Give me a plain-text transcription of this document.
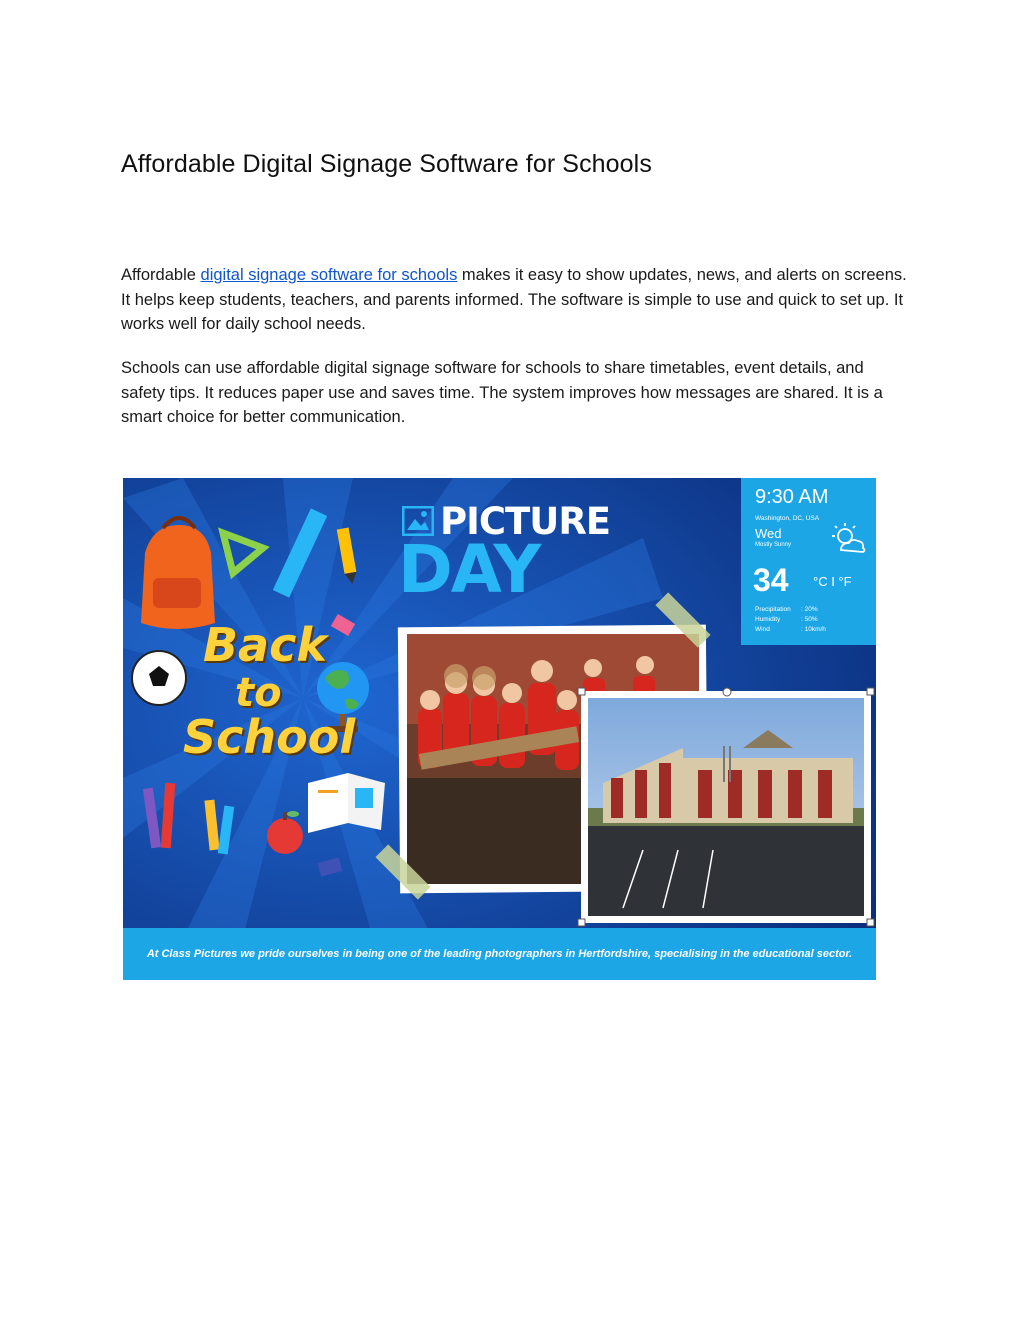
Affordable Digital Signage Software for Schools

Affordable digital signage software for schools makes it easy to show updates, news, and alerts on screens. It helps keep students, teachers, and parents informed. The software is simple to use and quick to set up. It works well for daily school needs.

Schools can use affordable digital signage software for schools to share timetables, event details, and safety tips. It reduces paper use and saves time. The system improves how messages are shared. It is a smart choice for better communication.

Back
to
School
PICTURE
DAY
9:30 AM
Washington, DC, USA
Wed
Mostly Sunny
34 °C I °F
Precipitation : 20%
Humidity	: 50%
Wind	: 10km/h
At Class Pictures we pride ourselves in being one of the leading photographers in Hertfordshire, specialising in the educational sector.
